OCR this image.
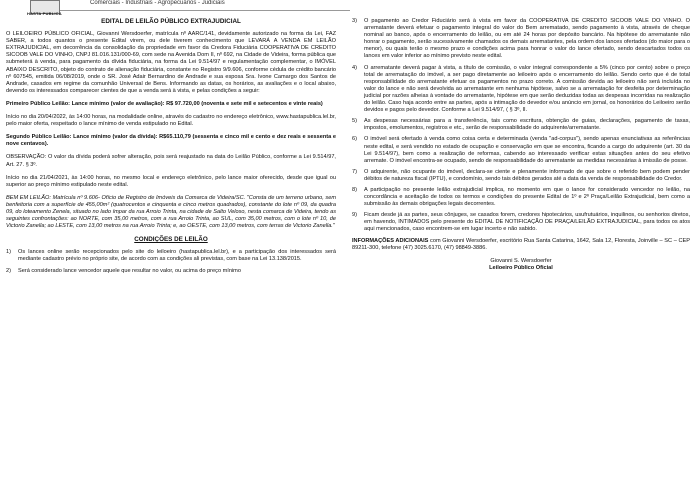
HASTA PUBLICA
Comerciais - Industriais - Agropecuários - Judiciais
EDITAL DE LEILÃO PÚBLICO EXTRAJUDICIAL

O LEILOEIRO PÚBLICO OFICIAL, Giovanni Wersdoerfer, matrícula nº AARC/141, devidamente autorizado na forma da Lei, FAZ SABER, a todos quantos o presente Edital virem, ou dele tiverem conhecimento que LEVARÁ A VENDA EM LEILÃO EXTRAJUDICIAL, em decorrência da consolidação da propriedade em favor da Credora Fiduciária COOPERATIVA DE CREDITO SICOOB VALE DO VINHO, CNPJ 81.016.131/000-69, com sede na Avenida Dom II, nº 692, na Cidade de Videira, forma pública que submeterá à venda, para pagamento da dívida fiduciária, na forma da Lei 9.514/97 e regulamentação complementar, o IMÓVEL ABAIXO DESCRITO, objeto do contrato de alienação fiduciária, constante no Registro 9/9.606, conforme cédula de crédito bancário nº 607545, emitida 06/08/2019, onde o SR. José Adair Bernardino de Andrade e sua esposa Sra. Ivone Camargo dos Santos de Andrade, casados em regime da comunhão Universal de Bens. Informando as datas, os horários, as avaliações e o local abaixo, devendo os interessados comparecer cientes de que a venda será à vista, e pelas condições a seguir:

Primeiro Público Leilão: Lance mínimo (valor de avaliação): R$ 97.720,00 (noventa e sete mil e setecentos e vinte reais)

Início no dia 20/04/2022, às 14:00 horas, na modalidade online, através do cadastro no endereço eletrônico, www.hastapublica.lel.br, pelo maior oferta, respeitado o lance mínimo de venda estipulado no Edital.

Segundo Público Leilão: Lance mínimo (valor da dívida): R$65.110,79 (sessenta e cinco mil e cento e dez reais e sessenta e nove centavos).

OBSERVAÇÃO: O valor da dívida poderá sofrer alteração, pois será reajustado na data do Leilão Público, conforme a Lei 9.514/97, Art. 27. § 3º.

Início no dia 21/04/2021, às 14:00 horas, no mesmo local e endereço eletrônico, pelo lance maior oferecido, desde que igual ou superior ao preço mínimo estipulado neste edital.

BEM EM LEILÃO: Matrícula nº 9.606- Ofício de Registro de Imóveis da Comarca de Videira/SC. "Consta de um terreno urbano, sem benfeitoria com a superfície de 455,00m² (quatrocentos e cinquenta e cinco metros quadrados), constante do lote nº 09, da quadra 09, do loteamento Zenela, situado no lado ímpar da rua Arroio Trinta, na cidade de Salto Veloso, nesta comarca de Videira, tendo as seguintes confrontações: ao NORTE, com 35,00 metros, com a rua Arroio Trinta, ao SUL, com 35,00 metros, com o lote nº 10, de Victorio Zanella; ao LESTE, com 13,00 metros na rua Arroio Trinta; e, ao OESTE, com 13,00 metros, com terras de Victorio Zanella."

CONDIÇÕES DE LEILÃO
1)	Os lances online serão recepcionados pelo site do leiloeiro (hastapublica.lel.br), e a participação dos interessados será mediante cadastro prévio no próprio site, de acordo com as condições ali previstas, com base na Lei 13.138/2015.
2)	Será considerado lance vencedor aquele que resultar no valor, ou acima do preço mínimo
3)	O pagamento ao Credor Fiduciário será à vista em favor da COOPERATIVA DE CREDITO SICOOB VALE DO VINHO. O arrematante deverá efetuar o pagamento integral do valor do Bem arrematado, sendo pagamento à vista, através de cheque nominal ao banco, após o encerramento do leilão, ou em até 24 horas por depósito bancário. Na hipótese do arrematante não honrar o pagamento, serão sucessivamente chamados os demais arrematantes, pela ordem dos lances ofertados (do maior para o menor), ou quais terão o mesmo prazo e condições acima para honrar o valor do lance ofertado, sendo descartados todos os lances em valor inferior ao mínimo previsto neste edital.
4)	O arrematante deverá pagar à vista, a título de comissão, o valor integral correspondente a 5% (cinco por cento) sobre o preço total de arrematação do imóvel, a ser pago diretamente ao leiloeiro após o encerramento do leilão. Sendo certo que é de total responsabilidade do arrematante efetuar os pagamentos no prazo correto. A comissão devida ao leiloeiro não será incluída no valor do lance e não será devolvida ao arrematante em nenhuma hipótese, salvo se a arrematação for desfeita por determinação judicial por razões alheias à vontade do arrematante, hipótese em que serão deduzidas todas as despesas incorridas na realização do leilão. Caso haja acordo entre as partes, após a intimação do devedor e/ou anúncio em jornal, os honorários do Leiloeiro serão devidos e pagos pelo devedor. Conforme a Lei 9.514/97, ( § 3º, II.
5)	As despesas necessárias para a transferência, tais como escritura, obtenção de guias, declarações, pagamento de taxas, impostos, emolumentos, registros e etc., serão de responsabilidade do adquirente/arrematante.
6)	O imóvel será ofertado à venda como coisa certa e determinada (venda "ad-corpus"), sendo apenas enunciativas as referências neste edital, e será vendido no estado de ocupação e conservação em que se encontra, ficando a cargo do adquirente (art. 30 da Lei 9.514/97), bem como a realização de reformas, cabendo ao interessado verificar estas situações antes do seu efetivo arremate. O imóvel encontra-se ocupado, sendo de responsabilidade do arrematante as medidas necessárias à imissão de posse.
7)	O adquirente, não ocupante do imóvel, declara-se ciente e plenamente informado de que sobre o referido bem podem pender débitos de natureza fiscal (IPTU), e condomínio, sendo tais débitos gerados até a data da venda de responsabilidade do Credor.
8)	A participação no presente leilão extrajudicial implica, no momento em que o lance for considerado vencedor no leilão, na concordância e aceitação de todos os termos e condições do presente Edital de 1º e 2º Praça/Leilão Extrajudicial, bem como a submissão às demais obrigações legais decorrentes.
9)	Ficam desde já as partes, seus cônjuges, se casados forem, credores hipotecários, usufrutuários, inquilinos, ou senhorios diretos, em havendo, INTIMADOS pelo presente do EDITAL DE NOTIFICAÇÃO DE PRAÇA/LEILÃO EXTRAJUDICIAL, para todos os atos aqui mencionados, caso encontrem-se em lugar incerto e não sabido.

INFORMAÇÕES ADICIONAIS com Giovanni Wersdoerfer, escritório Rua Santa Catarina, 1642, Sala 12, Floresta, Joinville – SC – CEP 89211-300, telefone (47) 3025.6170, (47) 98849-3886.

Giovanni S. Wersdoerfer
Leiloeiro Público Oficial
